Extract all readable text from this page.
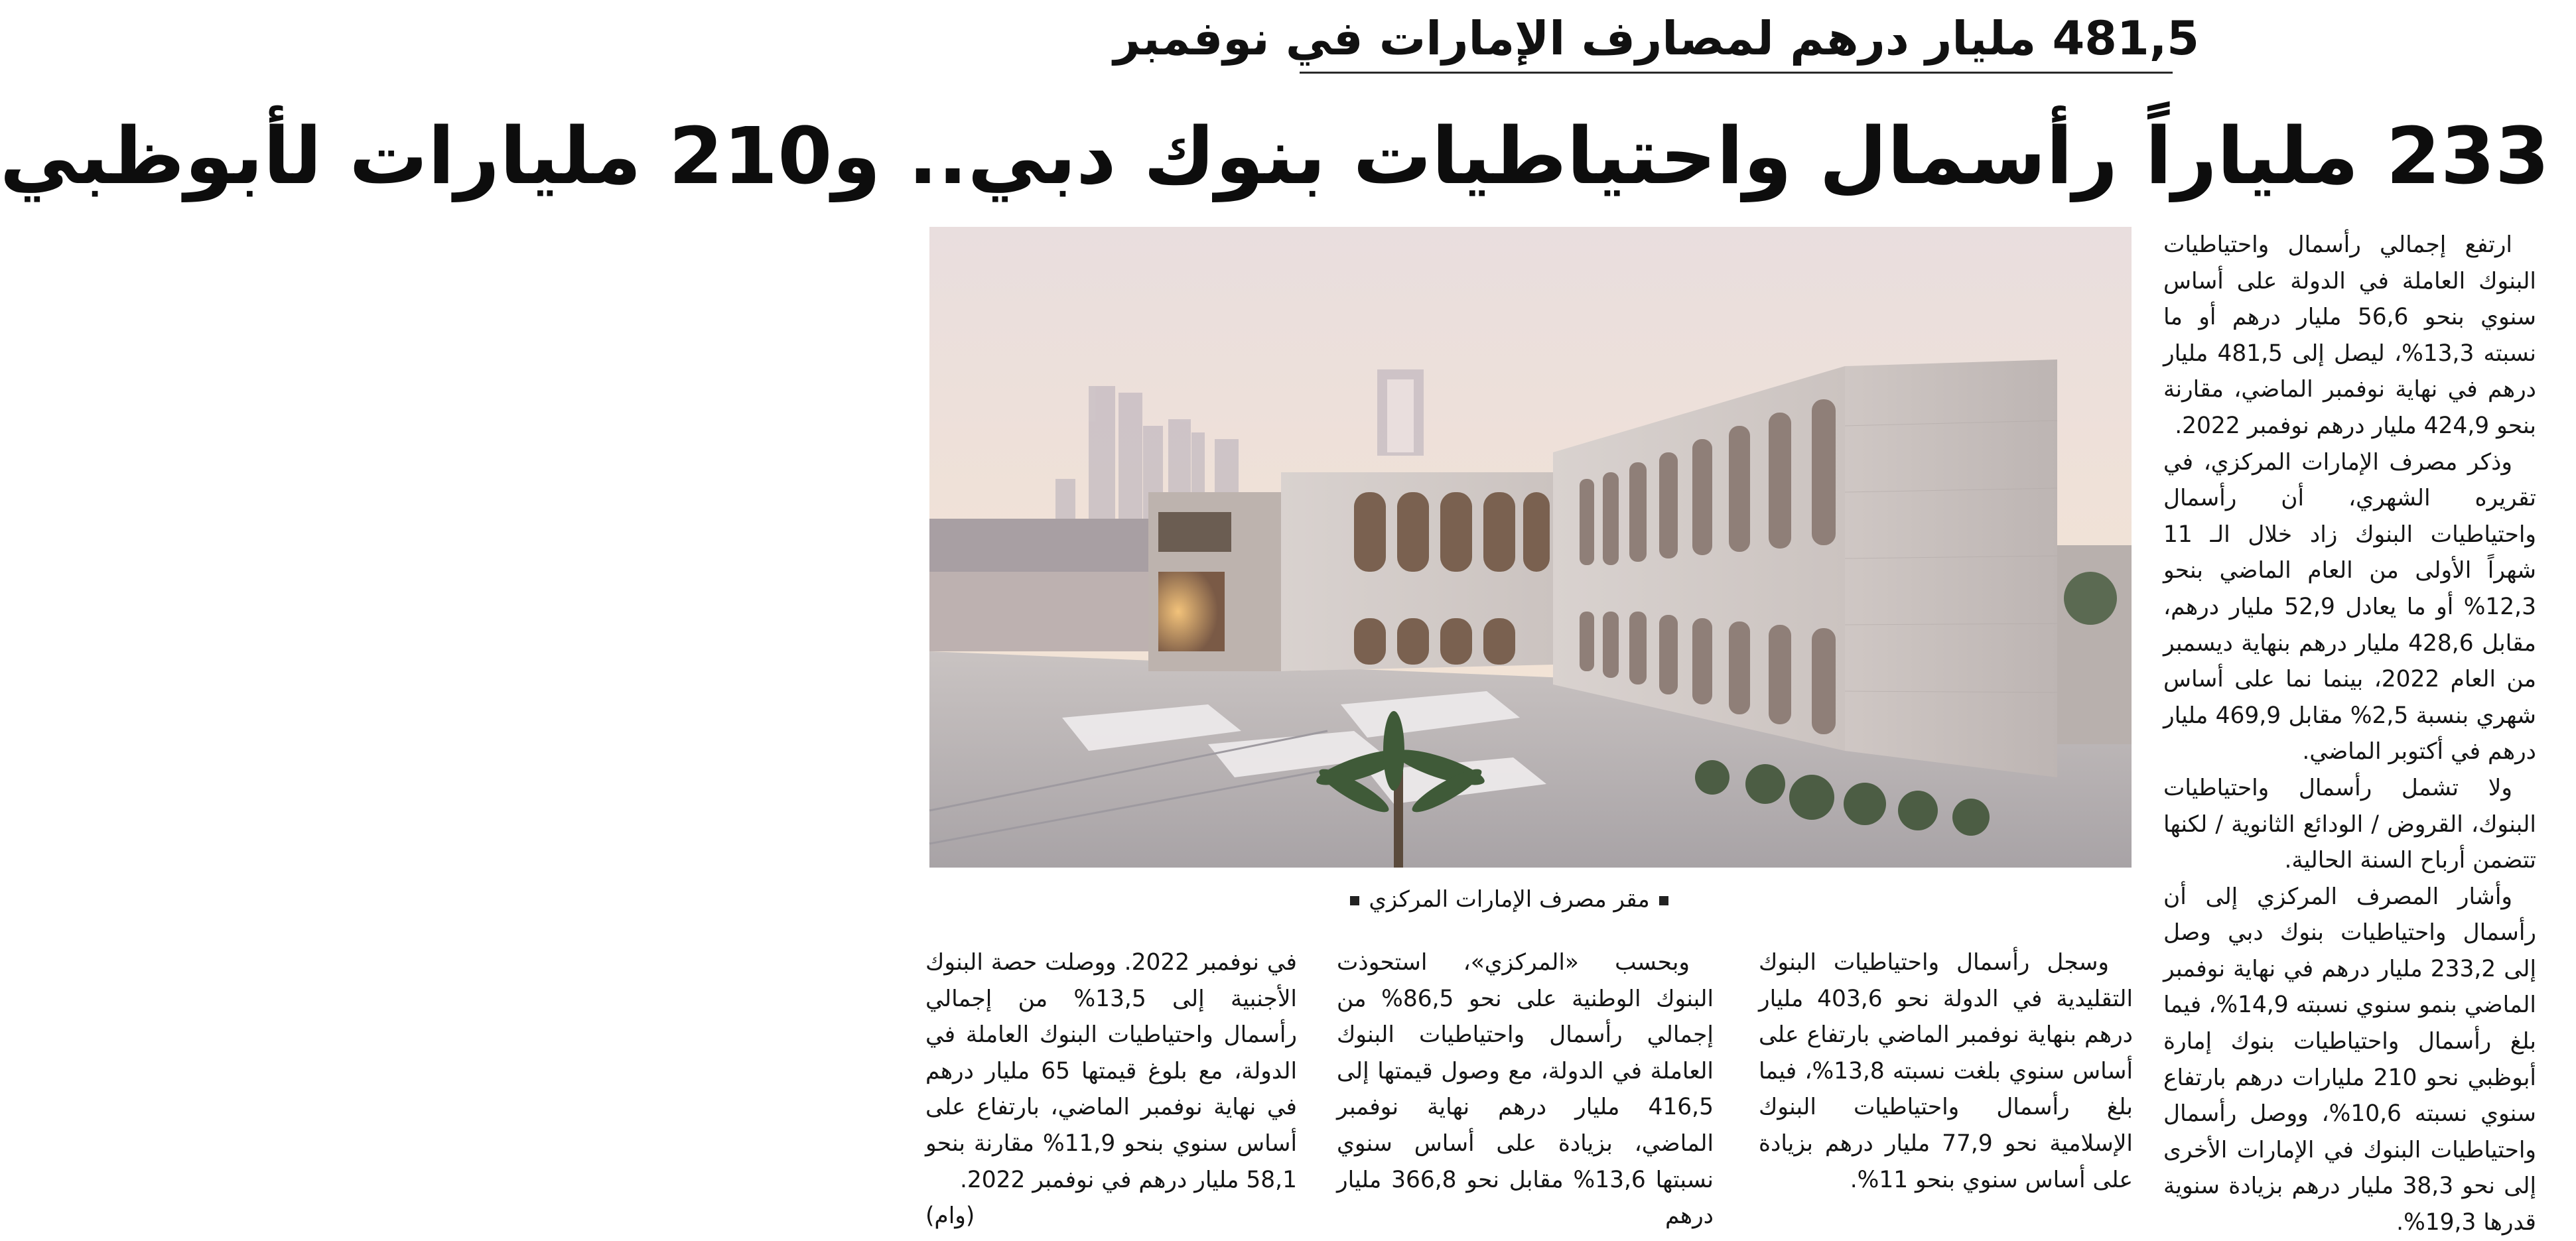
481,5 مليار درهم لمصارف الإمارات في نوفمبر
233 ملياراً رأسمال واحتياطيات بنوك دبي.. و210 مليارات لأبوظبي
مقر مصرف الإمارات المركزي

ارتفع إجمالي رأسمال واحتياطيات البنوك العاملة في الدولة على أساس سنوي بنحو 56,6 مليار درهم أو ما نسبته 13,3%، ليصل إلى 481,5 مليار درهم في نهاية نوفمبر الماضي، مقارنة بنحو 424,9 مليار درهم نوفمبر 2022.

وذكر مصرف الإمارات المركزي، في تقريره الشهري، أن رأسمال واحتياطيات البنوك زاد خلال الـ 11 شهراً الأولى من العام الماضي بنحو 12,3% أو ما يعادل 52,9 مليار درهم، مقابل 428,6 مليار درهم بنهاية ديسمبر من العام 2022، بينما نما على أساس شهري بنسبة 2,5% مقابل 469,9 مليار درهم في أكتوبر الماضي.

ولا تشمل رأسمال واحتياطيات البنوك، القروض / الودائع الثانوية / لكنها تتضمن أرباح السنة الحالية.

وأشار المصرف المركزي إلى أن رأسمال واحتياطيات بنوك دبي وصل إلى 233,2 مليار درهم في نهاية نوفمبر الماضي بنمو سنوي نسبته 14,9%، فيما بلغ رأسمال واحتياطيات بنوك إمارة أبوظبي نحو 210 مليارات درهم بارتفاع سنوي نسبته 10,6%، ووصل رأسمال واحتياطيات البنوك في الإمارات الأخرى إلى نحو 38,3 مليار درهم بزيادة سنوية قدرها 19,3%.

وسجل رأسمال واحتياطيات البنوك التقليدية في الدولة نحو 403,6 مليار درهم بنهاية نوفمبر الماضي بارتفاع على أساس سنوي بلغت نسبته 13,8%، فيما بلغ رأسمال واحتياطيات البنوك الإسلامية نحو 77,9 مليار درهم بزيادة على أساس سنوي بنحو 11%.

وبحسب «المركزي»، استحوذت البنوك الوطنية على نحو 86,5% من إجمالي رأسمال واحتياطيات البنوك العاملة في الدولة، مع وصول قيمتها إلى 416,5 مليار درهم نهاية نوفمبر الماضي، بزيادة على أساس سنوي نسبتها 13,6% مقابل نحو 366,8 مليار درهم

في نوفمبر 2022. ووصلت حصة البنوك الأجنبية إلى 13,5% من إجمالي رأسمال واحتياطيات البنوك العاملة في الدولة، مع بلوغ قيمتها 65 مليار درهم في نهاية نوفمبر الماضي، بارتفاع على أساس سنوي بنحو 11,9% مقارنة بنحو 58,1 مليار درهم في نوفمبر 2022.
(وام)
